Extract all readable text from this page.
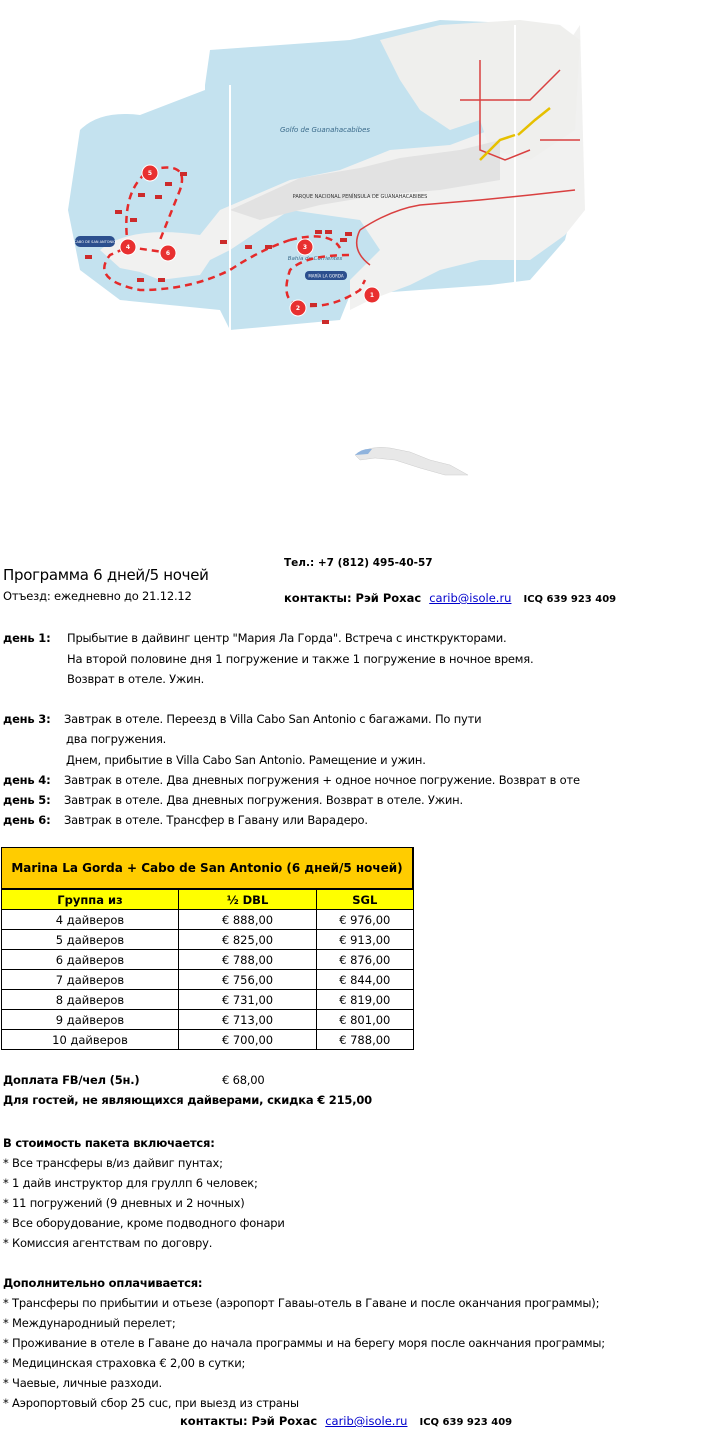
Golfo de Guanahacabibes
PARQUE NACIONAL PENÍNSULA DE GUANAHACABIBES
Bahía de Corrientes
CABO DE SAN ANTONIO
MARÍA LA GORDA
1
2
3
4
5
6
Тел.: +7 (812) 495-40-57
Программа 6 дней/5 ночей
Отъезд: ежедневно до 21.12.12	контакты: Рэй Рохас carib@isole.ru ICQ 639 923 409
день 1: Прыбытие в дайвинг центр "Мария Ла Горда". Встреча с инсткрукторами.
На второй половине дня 1 погружение и также 1 погружение в ночное время.
Возврат в отеле. Ужин.
день 3: Завтрак в отеле. Переезд в Villa Cabo San Antonio с багажами. По пути
два погружения.
Днем, прибытие в Villa Cabo San Antonio. Рамещение и ужин.
день 4: Завтрак в отеле. Два дневных погружения + одное ночное погружение. Возврат в оте
день 5: Завтрак в отеле. Два дневных погружения. Возврат в отеле. Ужин.
день 6: Завтрак в отеле. Трансфер в Гавану или Варадеро.
Marina La Gorda + Cabo de San Antonio (6 дней/5 ночей)		
Группа из	½ DBL	SGL
4 дайверов	€ 888,00	€ 976,00
5 дайверов	€ 825,00	€ 913,00
6 дайверов	€ 788,00	€ 876,00
7 дайверов	€ 756,00	€ 844,00
8 дайверов	€ 731,00	€ 819,00
9 дайверов	€ 713,00	€ 801,00
10 дайверов	€ 700,00	€ 788,00
Доплата FB/чел (5н.)	€ 68,00
Для гостей, не являющихся дайверами, скидка € 215,00
В стоимость пакета включается:
* Все трансферы в/из дайвиг пунтах;
* 1 дайв инструктор для груллп 6 человек;
* 11 погружений (9 дневных и 2 ночных)
* Все оборудование, кроме подводного фонари
* Комиссия агентствам по договру.
Дополнительно оплачивается:
* Трансферы по прибытии и отьезе (аэропорт Гаваы-отель в Гаване и после оканчания программы);
* Международниый перелет;
* Проживание в отеле в Гаване до начала программы и на берегу моря после оакнчания программы;
* Медицинская страховка € 2,00 в сутки;
* Чаевые, личные разходи.
* Аэропортовый сбор 25 cuc, при выезд из страны
контакты: Рэй Рохас carib@isole.ru ICQ 639 923 409
